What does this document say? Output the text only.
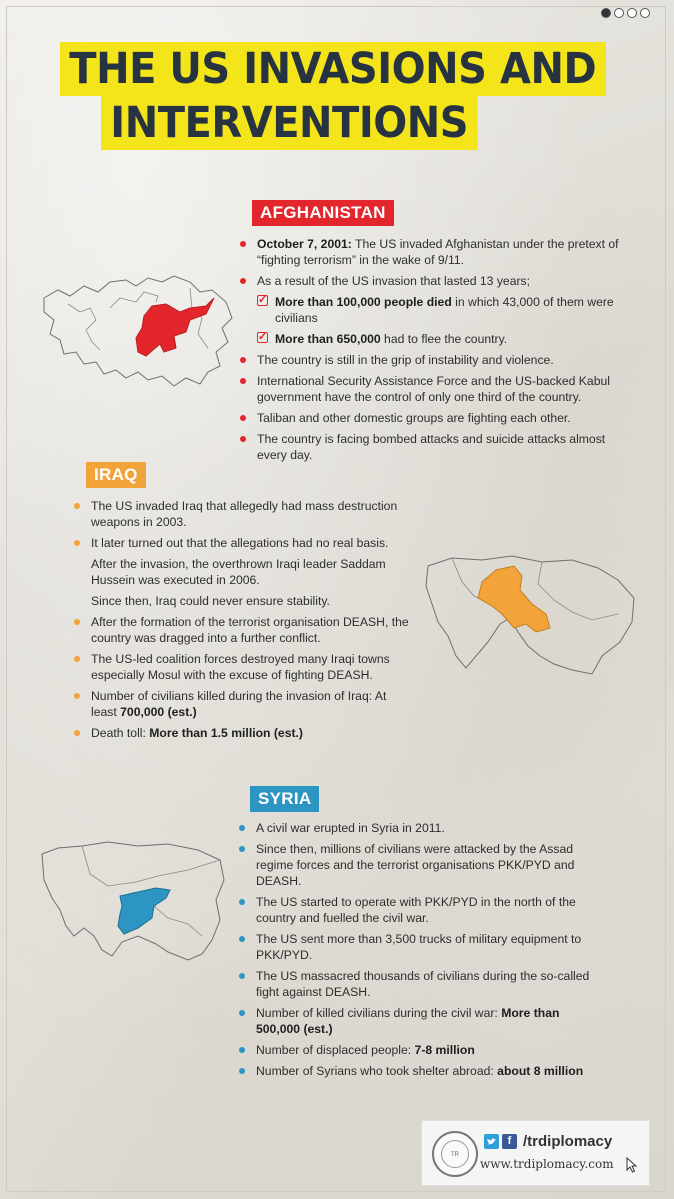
THE US INVASIONS AND
INTERVENTIONS
AFGHANISTAN
October 7, 2001: The US invaded Afghanistan under the pretext of “fighting terrorism” in the wake of 9/11.
As a result of the US invasion that lasted 13 years;
✓ More than 100,000 people died in which 43,000 of them were civilians
✓ More than 650,000 had to flee the country.
The country is still in the grip of instability and violence.
International Security Assistance Force and the US-backed Kabul government have the control of only one third of the country.
Taliban and other domestic groups are fighting each other.
The country is facing bombed attacks and suicide attacks almost every day.
IRAQ
The US invaded Iraq that allegedly had mass destruction weapons in 2003.
It later turned out that the allegations had no real basis.
After the invasion, the overthrown Iraqi leader Saddam Hussein was executed in 2006.
Since then, Iraq could never ensure stability.
After the formation of the terrorist organisation DEASH, the country was dragged into a further conflict.
The US-led coalition forces destroyed many Iraqi towns especially Mosul with the excuse of fighting DEASH.
Number of civilians killed during the invasion of Iraq: At least 700,000 (est.)
Death toll: More than 1.5 million (est.)
SYRIA
A civil war erupted in Syria in 2011.
Since then, millions of civilians were attacked by the Assad regime forces and the terrorist organisations PKK/PYD and DEASH.
The US started to operate with PKK/PYD in the north of the country and fuelled the civil war.
The US sent more than 3,500 trucks of military equipment to PKK/PYD.
The US massacred thousands of civilians during the so-called fight against DEASH.
Number of killed civilians during the civil war: More than 500,000 (est.)
Number of displaced people: 7-8 million
Number of Syrians who took shelter abroad: about 8 million
TR
f /trdiplomacy
www.trdiplomacy.com
